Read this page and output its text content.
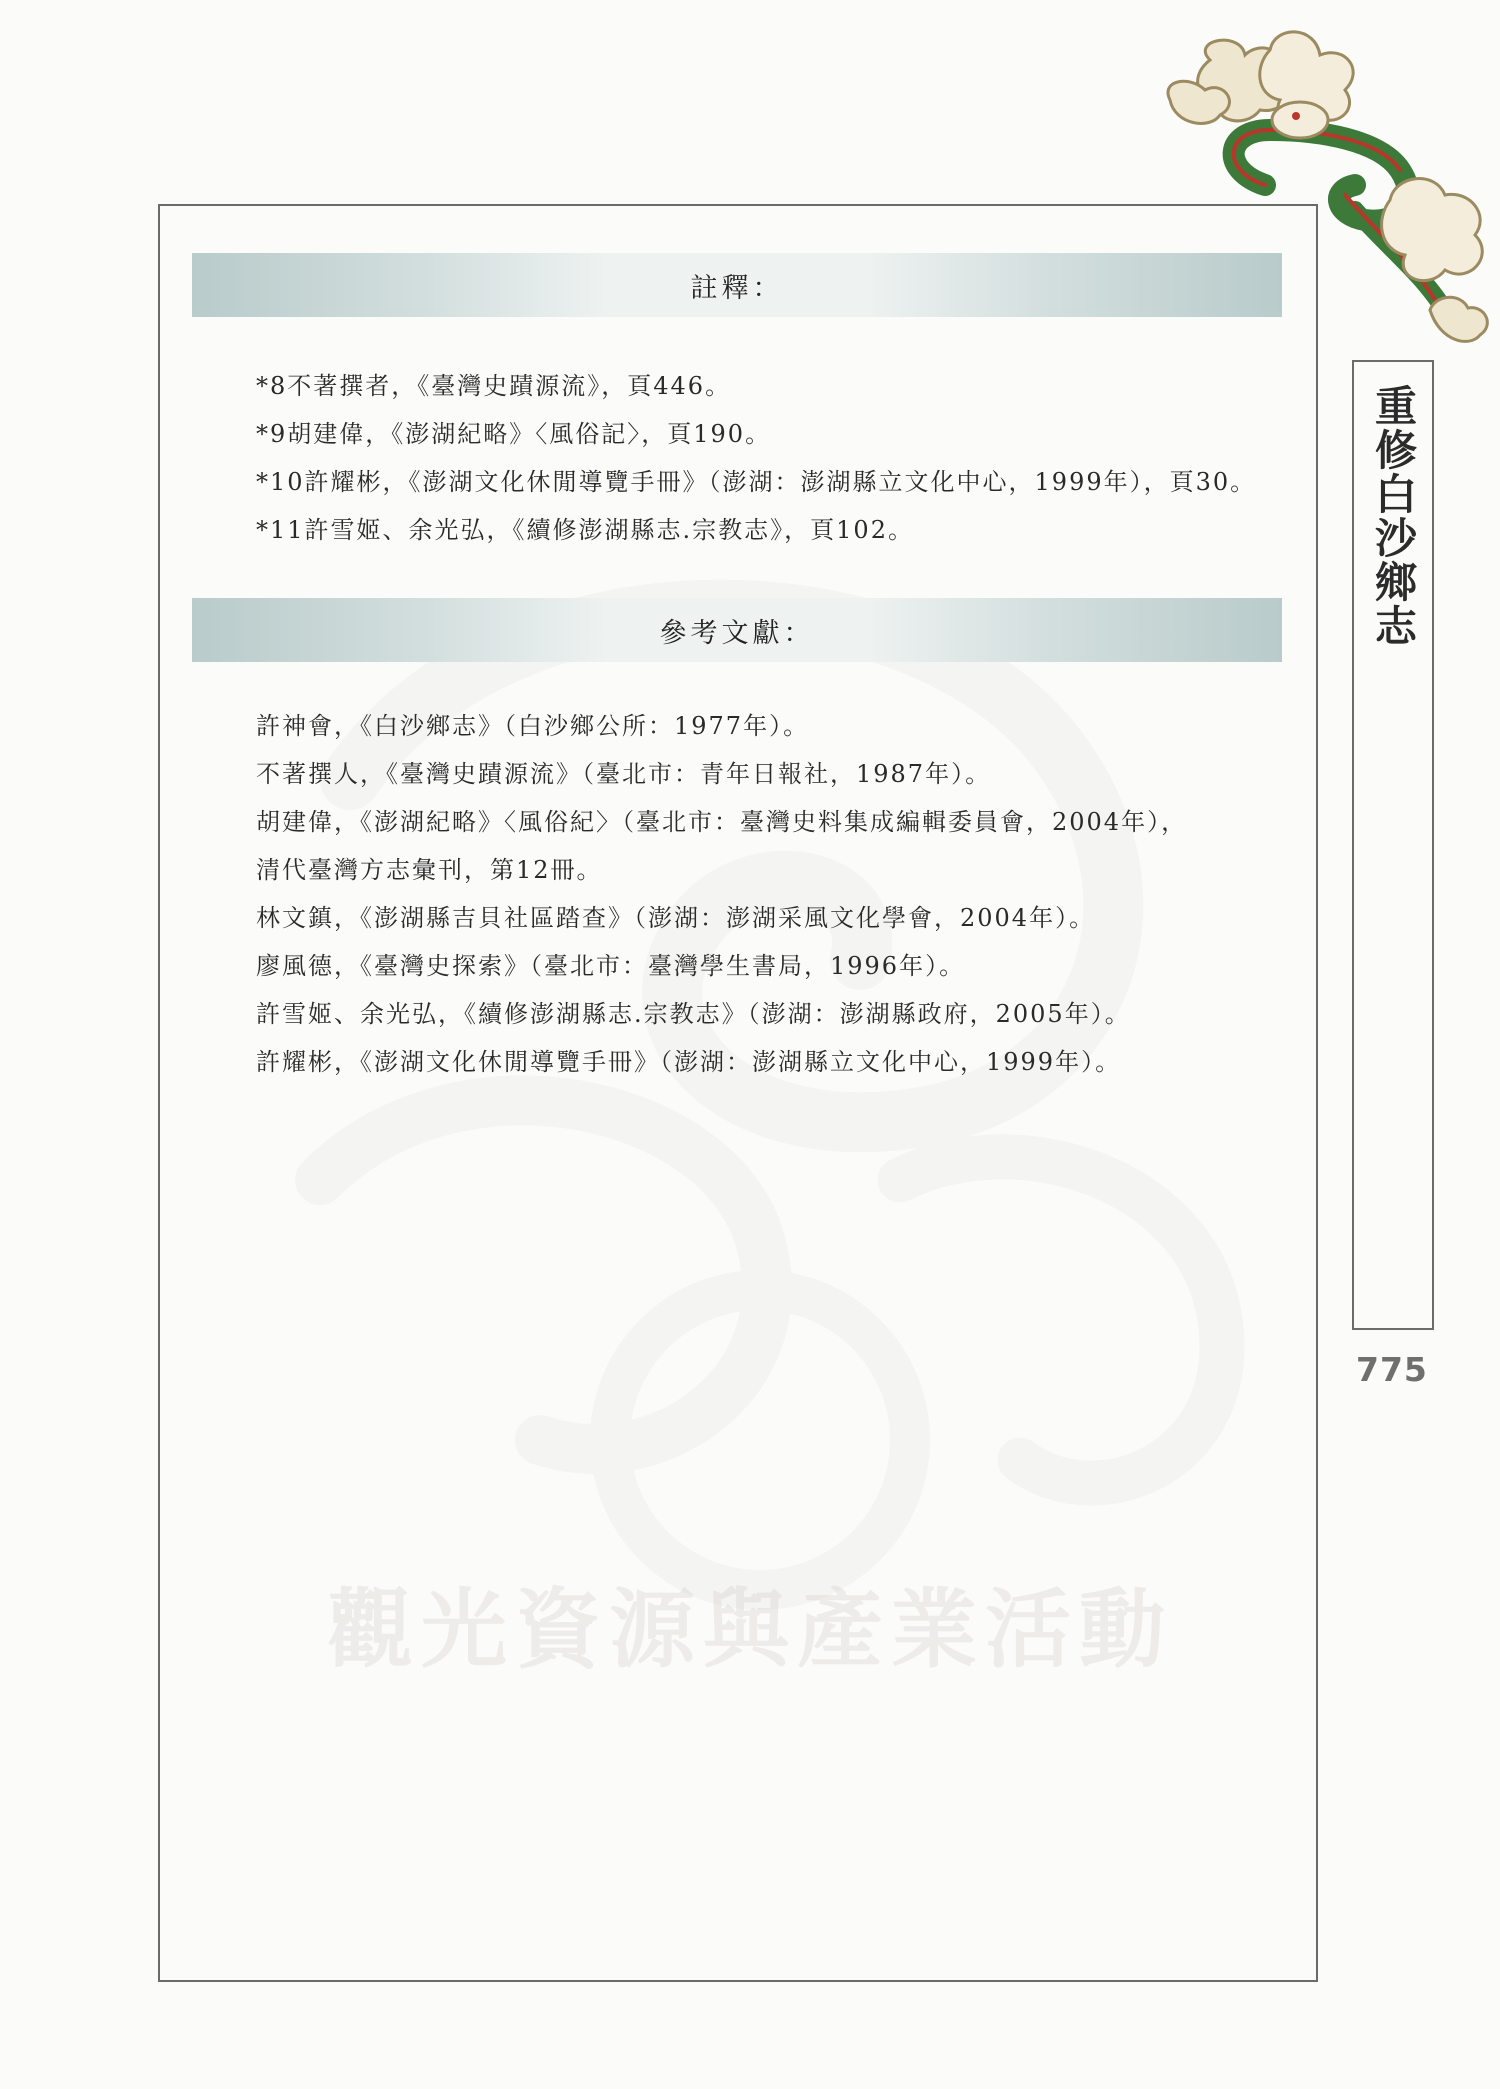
觀光資源與產業活動
註釋：
*8不著撰者，《臺灣史蹟源流》，頁446。
*9胡建偉，《澎湖紀略》〈風俗記〉，頁190。
*10許耀彬，《澎湖文化休閒導覽手冊》（澎湖：澎湖縣立文化中心，1999年），頁30。
*11許雪姬、余光弘，《續修澎湖縣志.宗教志》，頁102。
參考文獻：
許神會，《白沙鄉志》（白沙鄉公所：1977年）。
不著撰人，《臺灣史蹟源流》（臺北市：青年日報社，1987年）。
胡建偉，《澎湖紀略》〈風俗紀〉（臺北市：臺灣史料集成編輯委員會，2004年），
清代臺灣方志彙刊，第12冊。
林文鎮，《澎湖縣吉貝社區踏查》（澎湖：澎湖采風文化學會，2004年）。
廖風德，《臺灣史探索》（臺北市：臺灣學生書局，1996年）。
許雪姬、余光弘，《續修澎湖縣志.宗教志》（澎湖：澎湖縣政府，2005年）。
許耀彬，《澎湖文化休閒導覽手冊》（澎湖：澎湖縣立文化中心，1999年）。
重修白沙鄉志
775
